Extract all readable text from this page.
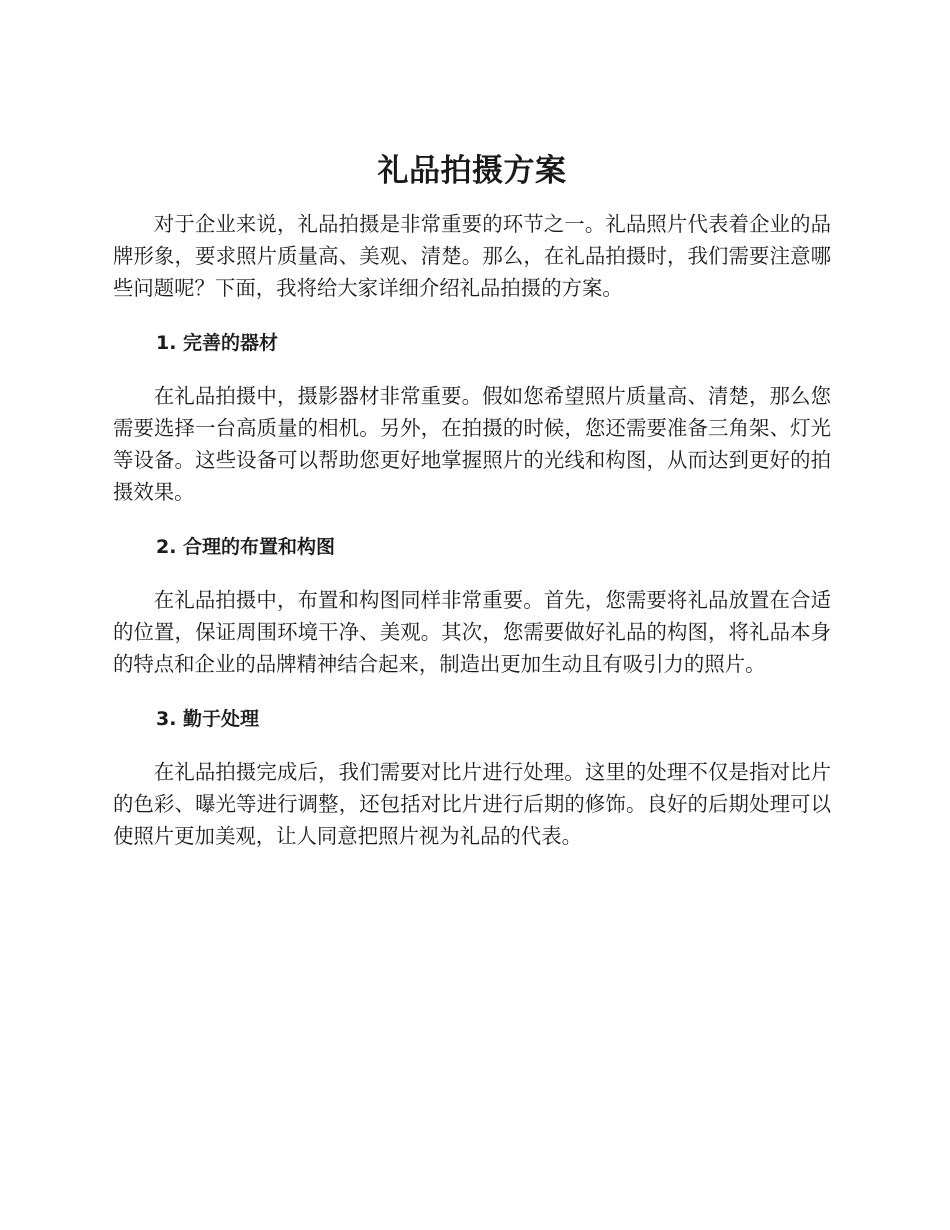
礼品拍摄方案

对于企业来说，礼品拍摄是非常重要的环节之一。礼品照片代表着企业的品牌形象，要求照片质量高、美观、清楚。那么，在礼品拍摄时，我们需要注意哪些问题呢？下面，我将给大家详细介绍礼品拍摄的方案。

1. 完善的器材

在礼品拍摄中，摄影器材非常重要。假如您希望照片质量高、清楚，那么您需要选择一台高质量的相机。另外，在拍摄的时候，您还需要准备三角架、灯光等设备。这些设备可以帮助您更好地掌握照片的光线和构图，从而达到更好的拍摄效果。

2. 合理的布置和构图

在礼品拍摄中，布置和构图同样非常重要。首先，您需要将礼品放置在合适的位置，保证周围环境干净、美观。其次，您需要做好礼品的构图，将礼品本身的特点和企业的品牌精神结合起来，制造出更加生动且有吸引力的照片。

3. 勤于处理

在礼品拍摄完成后，我们需要对比片进行处理。这里的处理不仅是指对比片的色彩、曝光等进行调整，还包括对比片进行后期的修饰。良好的后期处理可以使照片更加美观，让人同意把照片视为礼品的代表。
